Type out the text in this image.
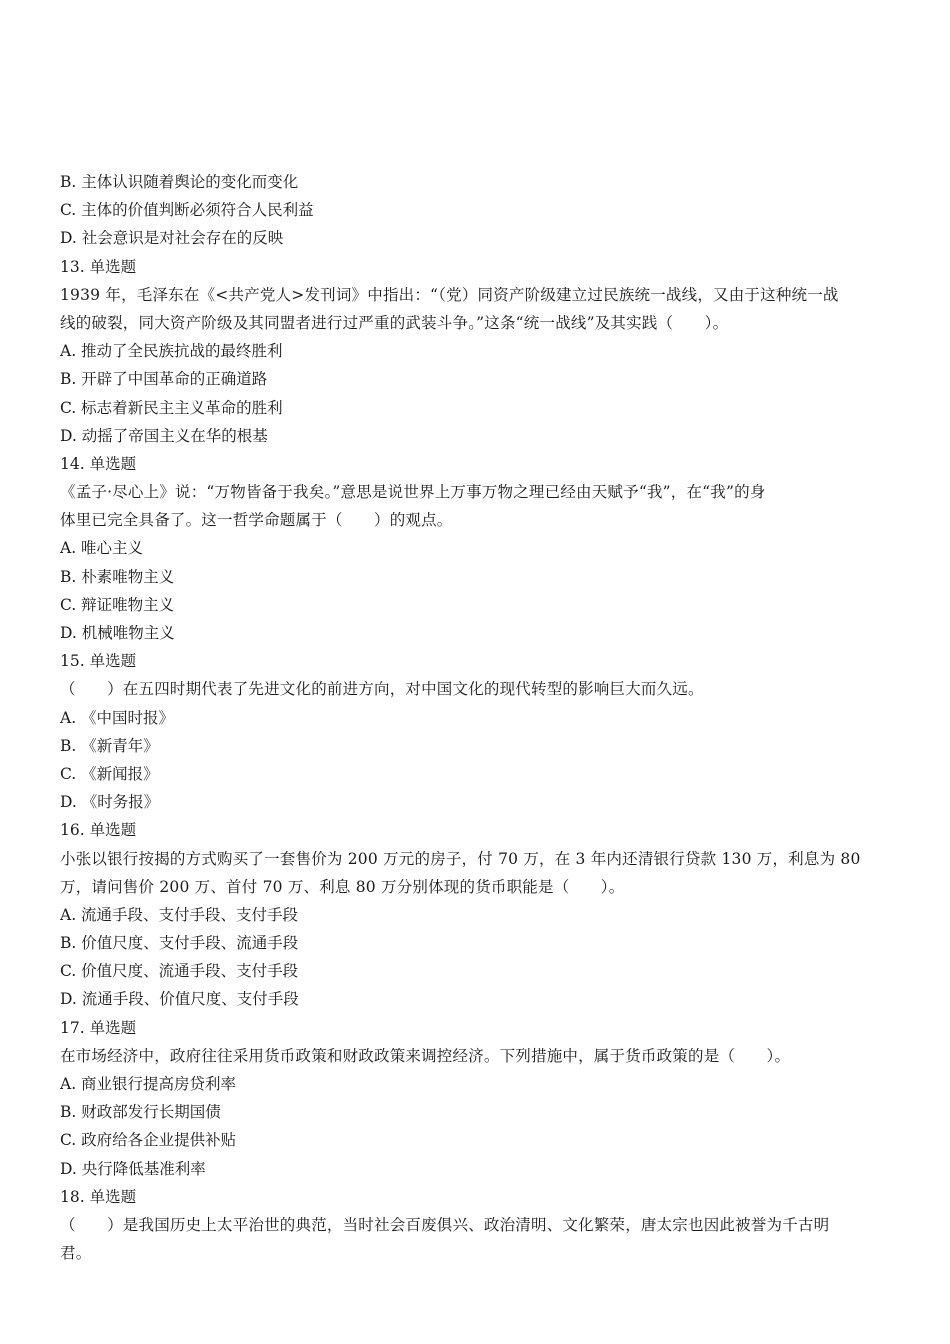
B. 主体认识随着舆论的变化而变化
C. 主体的价值判断必须符合人民利益
D. 社会意识是对社会存在的反映
13. 单选题
1939 年，毛泽东在《<共产党人>发刊词》中指出：“（党）同资产阶级建立过民族统一战线，又由于这种统一战
线的破裂，同大资产阶级及其同盟者进行过严重的武装斗争。”这条“统一战线”及其实践（　　）。
A. 推动了全民族抗战的最终胜利
B. 开辟了中国革命的正确道路
C. 标志着新民主主义革命的胜利
D. 动摇了帝国主义在华的根基
14. 单选题
《孟子·尽心上》说：“万物皆备于我矣。”意思是说世界上万事万物之理已经由天赋予“我”，在“我”的身
体里已完全具备了。这一哲学命题属于（　　）的观点。
A. 唯心主义
B. 朴素唯物主义
C. 辩证唯物主义
D. 机械唯物主义
15. 单选题
（　　）在五四时期代表了先进文化的前进方向，对中国文化的现代转型的影响巨大而久远。
A. 《中国时报》
B. 《新青年》
C. 《新闻报》
D. 《时务报》
16. 单选题
小张以银行按揭的方式购买了一套售价为 200 万元的房子，付 70 万，在 3 年内还清银行贷款 130 万，利息为 80
万，请问售价 200 万、首付 70 万、利息 80 万分别体现的货币职能是（　　）。
A. 流通手段、支付手段、支付手段
B. 价值尺度、支付手段、流通手段
C. 价值尺度、流通手段、支付手段
D. 流通手段、价值尺度、支付手段
17. 单选题
在市场经济中，政府往往采用货币政策和财政政策来调控经济。下列措施中，属于货币政策的是（　　）。
A. 商业银行提高房贷利率
B. 财政部发行长期国债
C. 政府给各企业提供补贴
D. 央行降低基准利率
18. 单选题
（　　）是我国历史上太平治世的典范，当时社会百废俱兴、政治清明、文化繁荣，唐太宗也因此被誉为千古明
君。
